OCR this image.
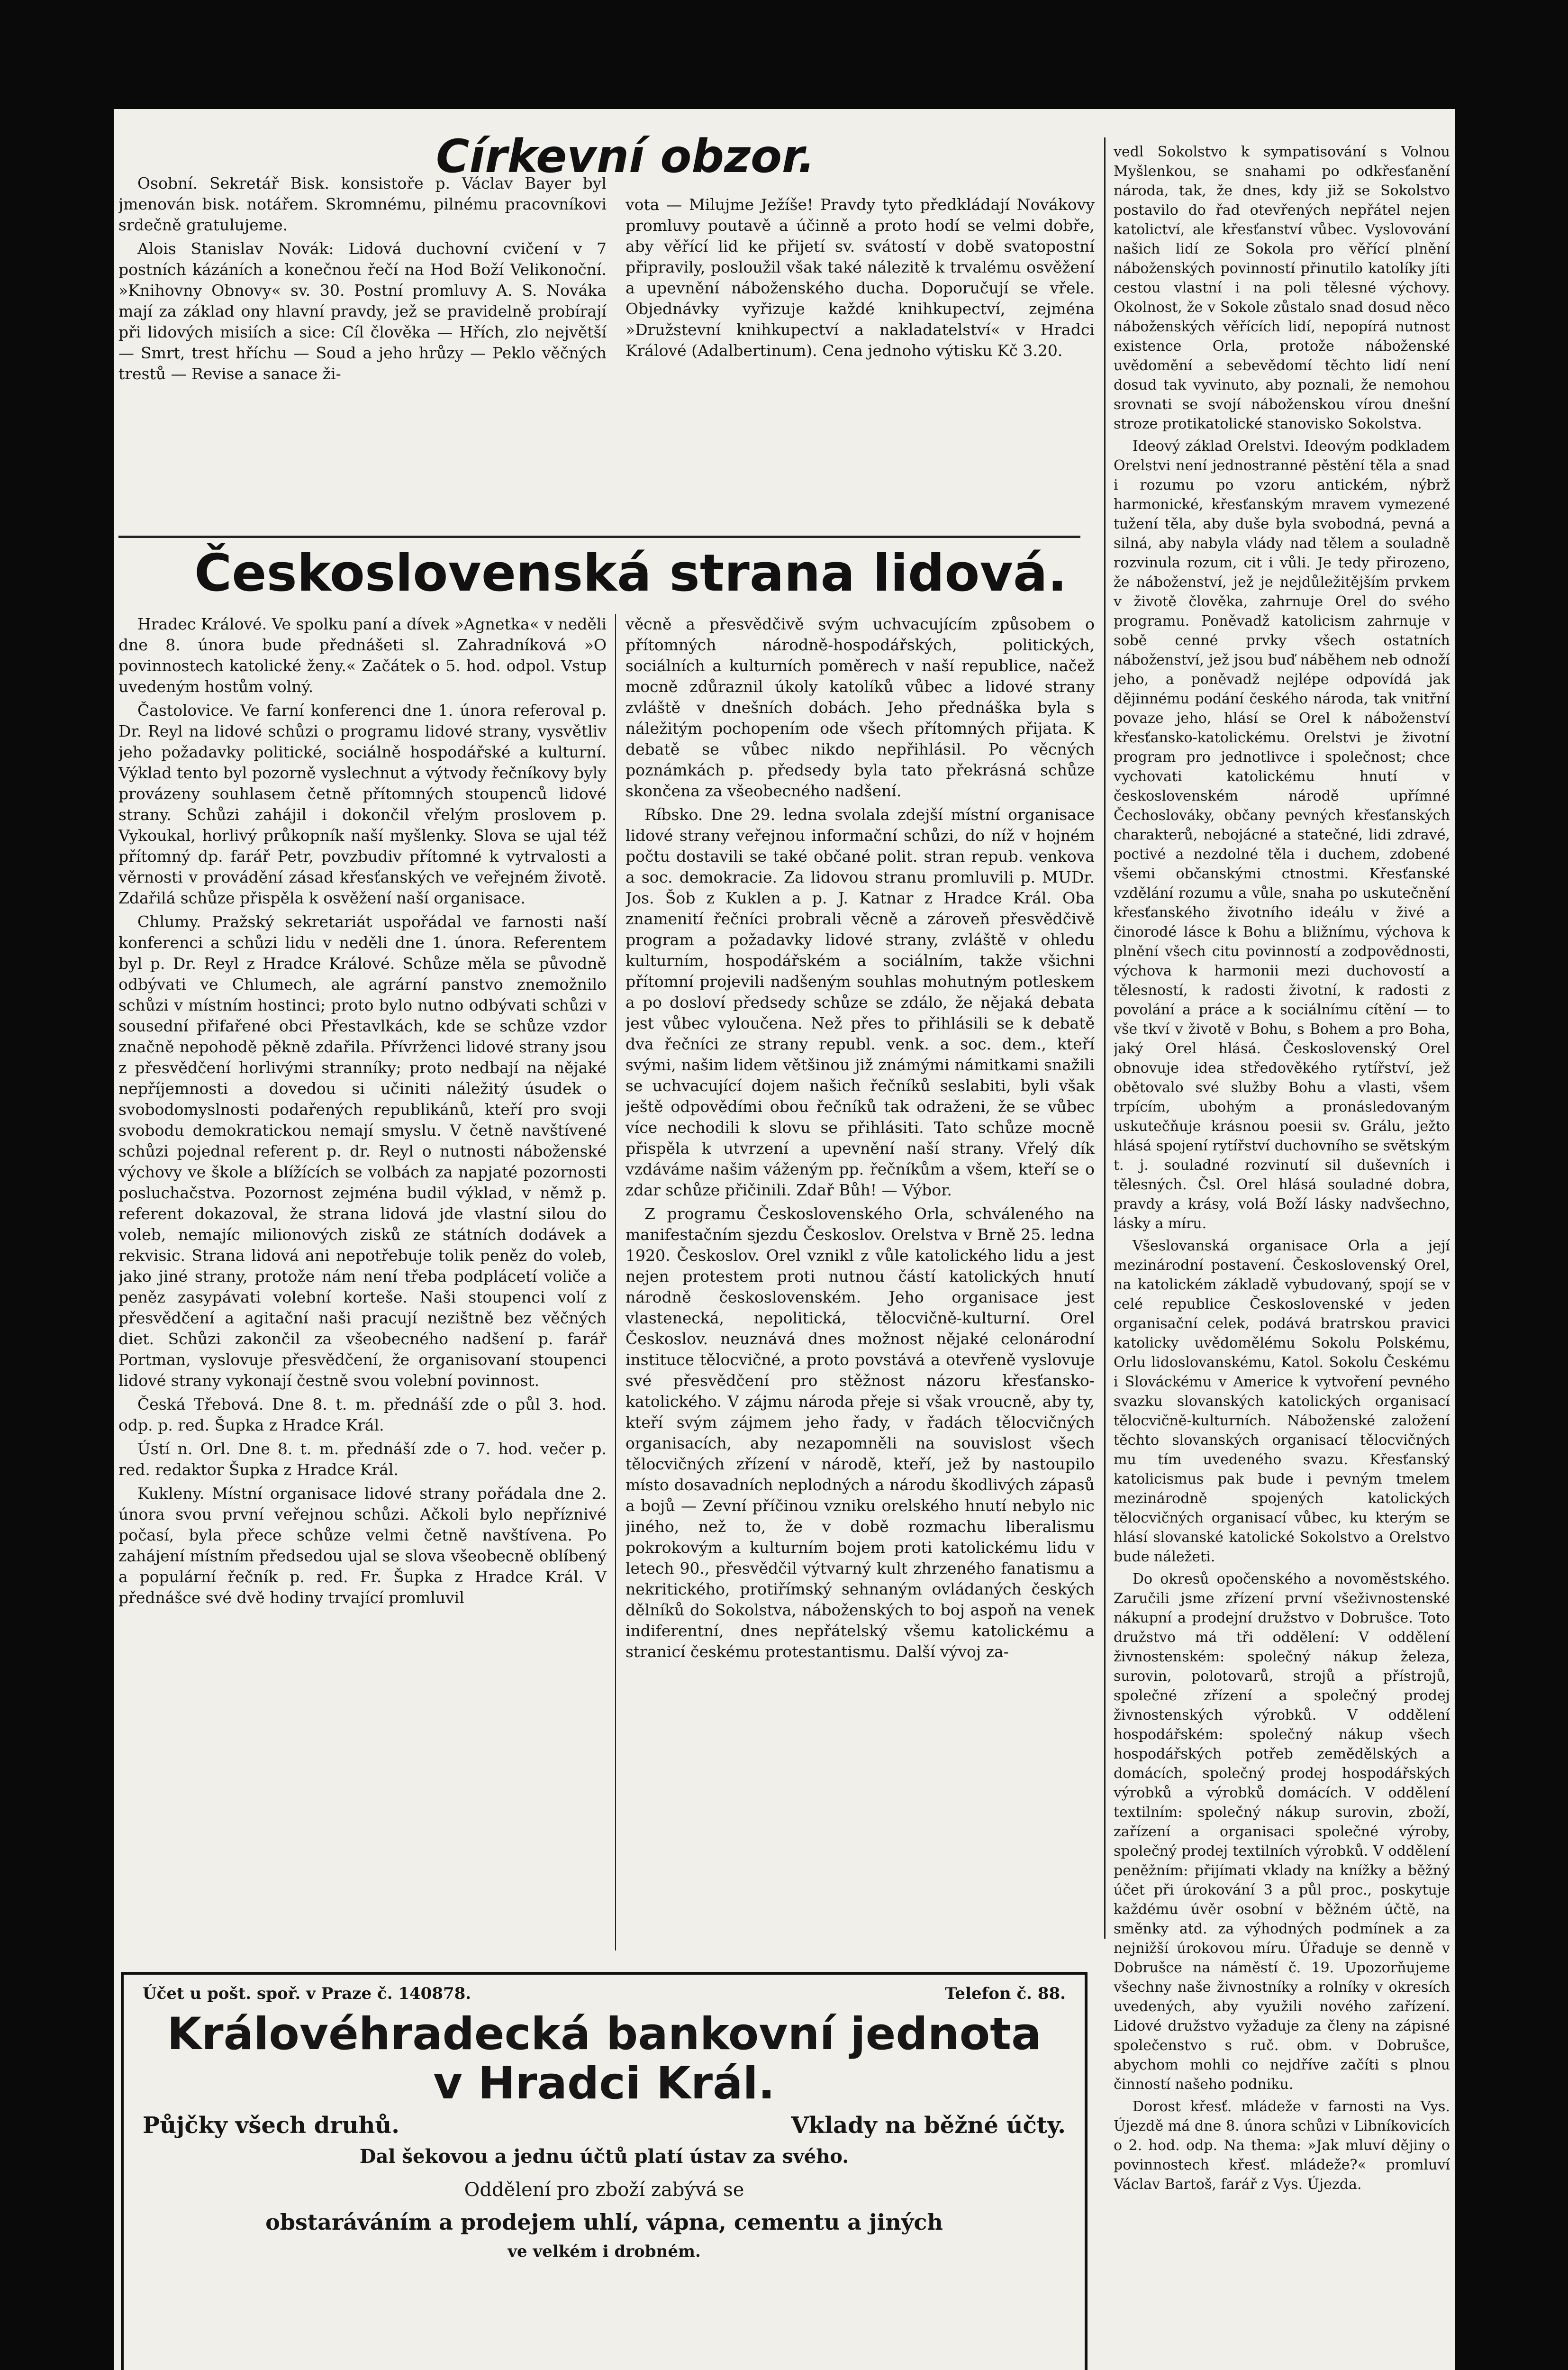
Osobní. Sekretář Bisk. konsistoře p. Václav Bayer byl jmenován bisk. notářem. Skromnému, pilnému pracovníkovi srdečně gratulujeme.

Alois Stanislav Novák: Lidová duchovní cvičení v 7 postních kázáních a konečnou řečí na Hod Boží Velikonoční. »Knihovny Obnovy« sv. 30. Postní promluvy A. S. Nováka mají za základ ony hlavní pravdy, jež se pravidelně probírají při lidových misiích a sice: Cíl člověka — Hřích, zlo největší — Smrt, trest hříchu — Soud a jeho hrůzy — Peklo věčných trestů — Revise a sanace ži-

Církevní obzor.

vota — Milujme Ježíše! Pravdy tyto předkládají Novákovy promluvy poutavě a účinně a proto hodí se velmi dobře, aby věřící lid ke přijetí sv. svátostí v době svatopostní připravily, posloužil však také nálezitě k trvalému osvěžení a upevnění náboženského ducha. Doporučují se vřele. Objednávky vyřizuje každé knihkupectví, zejména »Družstevní knihkupectví a nakladatelství« v Hradci Králové (Adalbertinum). Cena jednoho výtisku Kč 3.20.

Československá strana lidová.

Hradec Králové. Ve spolku paní a dívek »Agnetka« v neděli dne 8. února bude přednášeti sl. Zahradníková »O povinnostech katolické ženy.« Začátek o 5. hod. odpol. Vstup uvedeným hostům volný.

Častolovice. Ve farní konferenci dne 1. února referoval p. Dr. Reyl na lidové schůzi o programu lidové strany, vysvětliv jeho požadavky politické, sociálně hospodářské a kulturní. Výklad tento byl pozorně vyslechnut a výtvody řečníkovy byly provázeny souhlasem četně přítomných stoupenců lidové strany. Schůzi zahájil i dokončil vřelým proslovem p. Vykoukal, horlivý průkopník naší myšlenky. Slova se ujal též přítomný dp. farář Petr, povzbudiv přítomné k vytrvalosti a věrnosti v provádění zásad křesťanských ve veřejném životě. Zdařilá schůze přispěla k osvěžení naší organisace.

Chlumy. Pražský sekretariát uspořádal ve farnosti naší konferenci a schůzi lidu v neděli dne 1. února. Referentem byl p. Dr. Reyl z Hradce Králové. Schůze měla se původně odbývati ve Chlumech, ale agrární panstvo znemožnilo schůzi v místním hostinci; proto bylo nutno odbývati schůzi v sousední přifařené obci Přestavlkách, kde se schůze vzdor značně nepohodě pěkně zdařila. Přívrženci lidové strany jsou z přesvědčení horlivými stranníky; proto nedbají na nějaké nepříjemnosti a dovedou si učiniti náležitý úsudek o svobodomyslnosti podařených republikánů, kteří pro svoji svobodu demokratickou nemají smyslu. V četně navštívené schůzi pojednal referent p. dr. Reyl o nutnosti náboženské výchovy ve škole a blížících se volbách za napjaté pozornosti posluchačstva. Pozornost zejména budil výklad, v němž p. referent dokazoval, že strana lidová jde vlastní silou do voleb, nemajíc milionových zisků ze státních dodávek a rekvisic. Strana lidová ani nepotřebuje tolik peněz do voleb, jako jiné strany, protože nám není třeba podplácetí voliče a peněz zasypávati volební korteše. Naši stoupenci volí z přesvědčení a agitační naši pracují nezištně bez věčných diet. Schůzi zakončil za všeobecného nadšení p. farář Portman, vyslovuje přesvědčení, že organisovaní stoupenci lidové strany vykonají čestně svou volební povinnost.

Česká Třebová. Dne 8. t. m. přednáší zde o půl 3. hod. odp. p. red. Šupka z Hradce Král.

Ústí n. Orl. Dne 8. t. m. přednáší zde o 7. hod. večer p. red. redaktor Šupka z Hradce Král.

Kukleny. Místní organisace lidové strany pořádala dne 2. února svou první veřejnou schůzi. Ačkoli bylo nepříznivé počasí, byla přece schůze velmi četně navštívena. Po zahájení místním předsedou ujal se slova všeobecně oblíbený a populární řečník p. red. Fr. Šupka z Hradce Král. V přednášce své dvě hodiny trvající promluvil

věcně a přesvědčivě svým uchvacujícím způsobem o přítomných národně-hospodářských, politických, sociálních a kulturních poměrech v naší republice, načež mocně zdůraznil úkoly katolíků vůbec a lidové strany zvláště v dnešních dobách. Jeho přednáška byla s náležitým pochopením ode všech přítomných přijata. K debatě se vůbec nikdo nepřihlásil. Po věcných poznámkách p. předsedy byla tato překrásná schůze skončena za všeobecného nadšení.

Ríbsko. Dne 29. ledna svolala zdejší místní organisace lidové strany veřejnou informační schůzi, do níž v hojném počtu dostavili se také občané polit. stran repub. venkova a soc. demokracie. Za lidovou stranu promluvili p. MUDr. Jos. Šob z Kuklen a p. J. Katnar z Hradce Král. Oba znamenití řečníci probrali věcně a zároveň přesvědčivě program a požadavky lidové strany, zvláště v ohledu kulturním, hospodářském a sociálním, takže všichni přítomní projevili nadšeným souhlas mohutným potleskem a po dosloví předsedy schůze se zdálo, že nějaká debata jest vůbec vyloučena. Než přes to přihlásili se k debatě dva řečníci ze strany republ. venk. a soc. dem., kteří svými, našim lidem většinou již známými námitkami snažili se uchvacující dojem našich řečníků seslabiti, byli však ještě odpovědími obou řečníků tak odraženi, že se vůbec více nechodili k slovu se přihlásiti. Tato schůze mocně přispěla k utvrzení a upevnění naší strany. Vřelý dík vzdáváme našim váženým pp. řečníkům a všem, kteří se o zdar schůze přičinili. Zdař Bůh! — Výbor.

Z programu Československého Orla, schváleného na manifestačním sjezdu Českoslov. Orelstva v Brně 25. ledna 1920. Českoslov. Orel vznikl z vůle katolického lidu a jest nejen protestem proti nutnou částí katolických hnutí národně československém. Jeho organisace jest vlastenecká, nepolitická, tělocvičně-kulturní. Orel Českoslov. neuznává dnes možnost nějaké celonárodní instituce tělocvičné, a proto povstává a otevřeně vyslovuje své přesvědčení pro stěžnost názoru křesťansko-katolického. V zájmu národa přeje si však vroucně, aby ty, kteří svým zájmem jeho řady, v řadách tělocvičných organisacích, aby nezapomněli na souvislost všech tělocvičných zřízení v národě, kteří, jež by nastoupilo místo dosavadních neplodných a národu škodlivých zápasů a bojů — Zevní příčinou vzniku orelského hnutí nebylo nic jiného, než to, že v době rozmachu liberalismu pokrokovým a kulturním bojem proti katolickému lidu v letech 90., přesvědčil výtvarný kult zhrzeného fanatismu a nekritického, protiřímský sehnaným ovládaných českých dělníků do Sokolstva, náboženských to boj aspoň na venek indiferentní, dnes nepřátelský všemu katolickému a stranicí českému protestantismu. Další vývoj za-

vedl Sokolstvo k sympatisování s Volnou Myšlenkou, se snahami po odkřesťanění národa, tak, že dnes, kdy již se Sokolstvo postavilo do řad otevřených nepřátel nejen katolictví, ale křesťanství vůbec. Vyslovování našich lidí ze Sokola pro věřící plnění náboženských povinností přinutilo katolíky jíti cestou vlastní i na poli tělesné výchovy. Okolnost, že v Sokole zůstalo snad dosud něco náboženských věřících lidí, nepopírá nutnost existence Orla, protože náboženské uvědomění a sebevědomí těchto lidí není dosud tak vyvinuto, aby poznali, že nemohou srovnati se svojí náboženskou vírou dnešní stroze protikatolické stanovisko Sokolstva.

Ideový základ Orelstvi. Ideovým podkladem Orelstvi není jednostranné pěstění těla a snad i rozumu po vzoru antickém, nýbrž harmonické, křesťanským mravem vymezené tužení těla, aby duše byla svobodná, pevná a silná, aby nabyla vlády nad tělem a souladně rozvinula rozum, cit i vůli. Je tedy přirozeno, že náboženství, jež je nejdůležitějším prvkem v životě člověka, zahrnuje Orel do svého programu. Poněvadž katolicism zahrnuje v sobě cenné prvky všech ostatních náboženství, jež jsou buď náběhem neb odnoží jeho, a poněvadž nejlépe odpovídá jak dějinnému podání českého národa, tak vnitřní povaze jeho, hlásí se Orel k náboženství křesťansko-katolickému. Orelstvi je životní program pro jednotlivce i společnost; chce vychovati katolickému hnutí v československém národě upřímné Čechoslováky, občany pevných křesťanských charakterů, nebojácné a statečné, lidi zdravé, poctivé a nezdolné těla i duchem, zdobené všemi občanskými ctnostmi. Křesťanské vzdělání rozumu a vůle, snaha po uskutečnění křesťanského životního ideálu v živé a činorodé lásce k Bohu a bližnímu, výchova k plnění všech citu povinností a zodpovědnosti, výchova k harmonii mezi duchovostí a tělesností, k radosti životní, k radosti z povolání a práce a k sociálnímu cítění — to vše tkví v životě v Bohu, s Bohem a pro Boha, jaký Orel hlásá. Československý Orel obnovuje idea středověkého rytířství, jež obětovalo své služby Bohu a vlasti, všem trpícím, ubohým a pronásledovaným uskutečňuje krásnou poesii sv. Grálu, ježto hlásá spojení rytířství duchovního se světským t. j. souladné rozvinutí sil duševních i tělesných. Čsl. Orel hlásá souladné dobra, pravdy a krásy, volá Boží lásky nadvšechno, lásky a míru.

Všeslovanská organisace Orla a její mezinárodní postavení. Československý Orel, na katolickém základě vybudovaný, spojí se v celé republice Československé v jeden organisační celek, podává bratrskou pravici katolicky uvědomělému Sokolu Polskému, Orlu lidoslovanskému, Katol. Sokolu Českému i Slováckému v Americe k vytvoření pevného svazku slovanských katolických organisací tělocvičně-kulturních. Náboženské založení těchto slovanských organisací tělocvičných mu tím uvedeného svazu. Křesťanský katolicismus pak bude i pevným tmelem mezinárodně spojených katolických tělocvičných organisací vůbec, ku kterým se hlásí slovanské katolické Sokolstvo a Orelstvo bude náležeti.

Do okresů opočenského a novoměstského. Zaručili jsme zřízení první všeživnostenské nákupní a prodejní družstvo v Dobrušce. Toto družstvo má tři oddělení: V oddělení živnostenském: společný nákup železa, surovin, polotovarů, strojů a přístrojů, společné zřízení a společný prodej živnostenských výrobků. V oddělení hospodářském: společný nákup všech hospodářských potřeb zemědělských a domácích, společný prodej hospodářských výrobků a výrobků domácích. V oddělení textilním: společný nákup surovin, zboží, zařízení a organisaci společné výroby, společný prodej textilních výrobků. V oddělení peněžním: přijímati vklady na knížky a běžný účet při úrokování 3 a půl proc., poskytuje každému úvěr osobní v běžném účtě, na směnky atd. za výhodných podmínek a za nejnižší úrokovou míru. Úřaduje se denně v Dobrušce na náměstí č. 19. Upozorňujeme všechny naše živnostníky a rolníky v okresích uvedených, aby využili nového zařízení. Lidové družstvo vyžaduje za členy na zápisné společenstvo s ruč. obm. v Dobrušce, abychom mohli co nejdříve začíti s plnou činností našeho podniku.

Dorost křesť. mládeže v farnosti na Vys. Újezdě má dne 8. února schůzi v Libníkovicích o 2. hod. odp. Na thema: »Jak mluví dějiny o povinnostech křesť. mládeže?« promluví Václav Bartoš, farář z Vys. Újezda.

Účet u pošt. spoř. v Praze č. 140878.	Telefon č. 88.
Královéhradecká bankovní jednota
v Hradci Král.
Půjčky všech druhů.	Vklady na běžné účty.
Dal šekovou a jednu účtů platí ústav za svého.
Oddělení pro zboží zabývá se
obstaráváním a prodejem uhlí, vápna, cementu a jiných
ve velkém i drobném.
